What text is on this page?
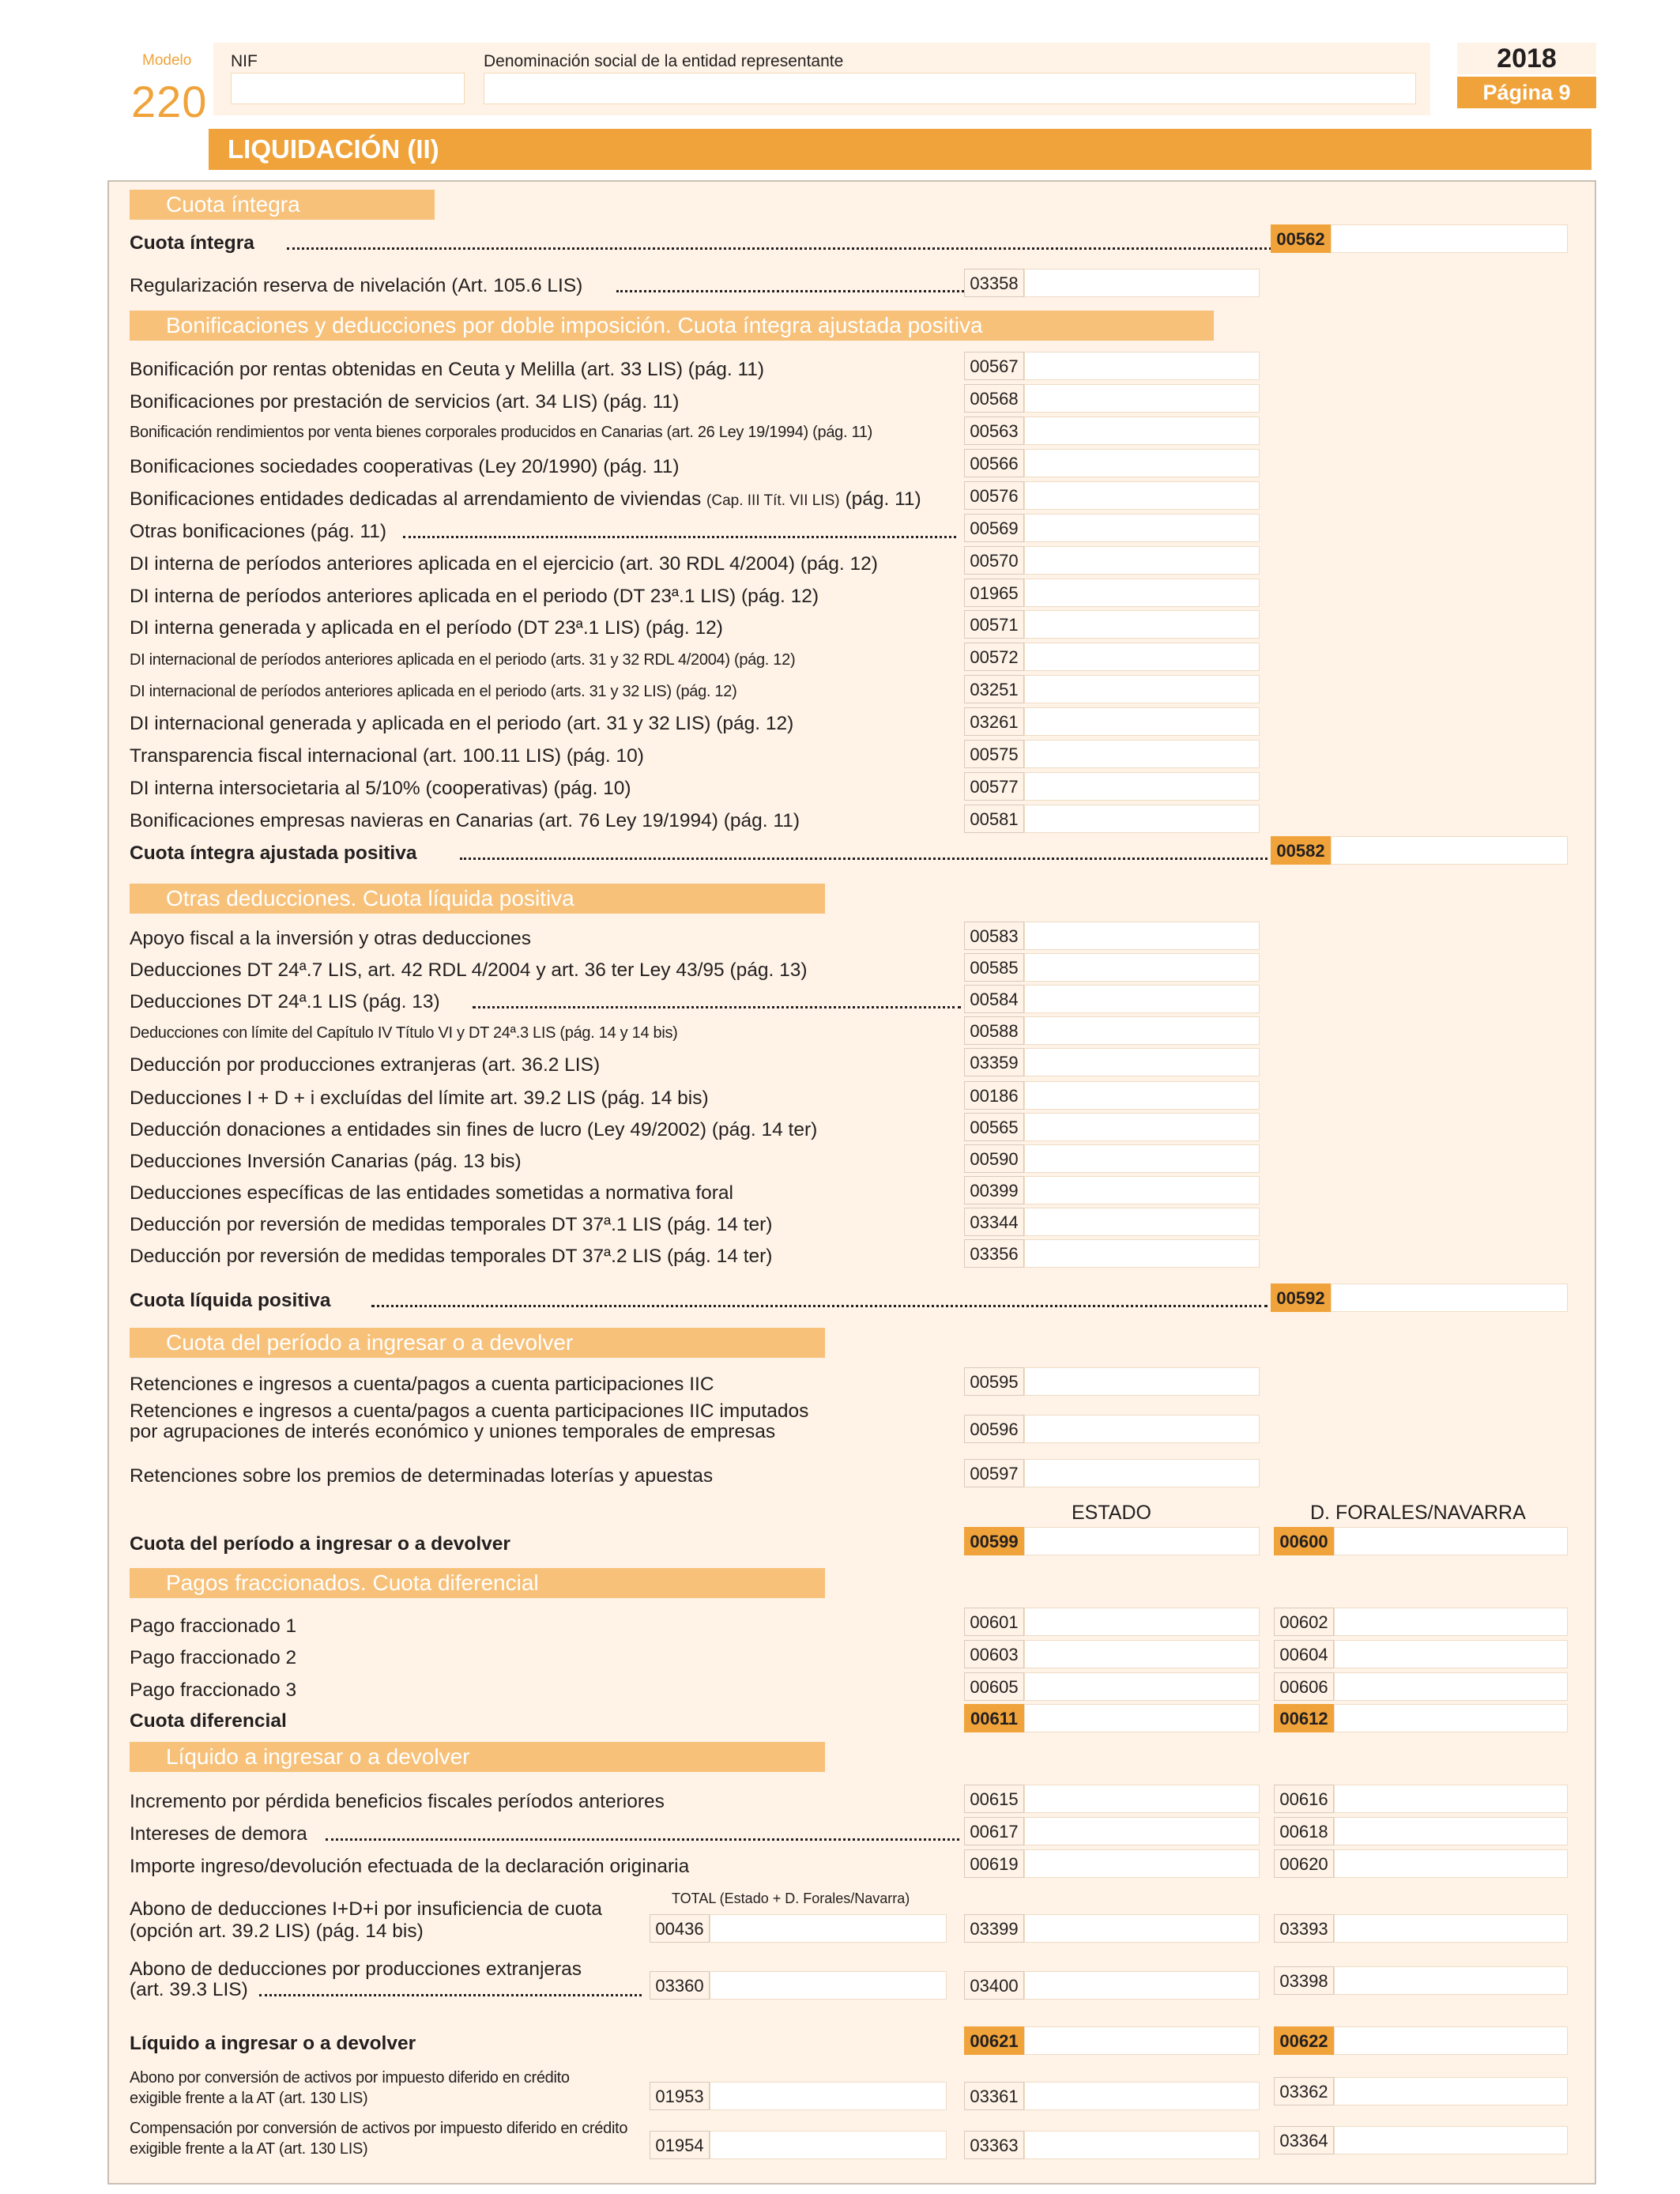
Modelo
220
NIF	Denominación social de la entidad representante	2018
Página 9
LIQUIDACIÓN (II)
Cuota íntegra
Cuota íntegra	00562
Regularización reserva de nivelación (Art. 105.6 LIS)	03358
Bonificaciones y deducciones por doble imposición. Cuota íntegra ajustada positiva
Bonificación por rentas obtenidas en Ceuta y Melilla (art. 33 LIS) (pág. 11)	00567
Bonificaciones por prestación de servicios (art. 34 LIS) (pág. 11)	00568
Bonificación rendimientos por venta bienes corporales producidos en Canarias (art. 26 Ley 19/1994) (pág. 11)	00563
Bonificaciones sociedades cooperativas (Ley 20/1990) (pág. 11)	00566
Bonificaciones entidades dedicadas al arrendamiento de viviendas (Cap. III Tít. VII LIS) (pág. 11)	00576
Otras bonificaciones (pág. 11)	00569
DI interna de períodos anteriores aplicada en el ejercicio (art. 30 RDL 4/2004) (pág. 12)	00570
DI interna de períodos anteriores aplicada en el periodo (DT 23ª.1 LIS) (pág. 12)	01965
DI interna generada y aplicada en el período (DT 23ª.1 LIS) (pág. 12)	00571
DI internacional de períodos anteriores aplicada en el periodo (arts. 31 y 32 RDL 4/2004) (pág. 12)	00572
DI internacional de períodos anteriores aplicada en el periodo (arts. 31 y 32 LIS) (pág. 12)	03251
DI internacional generada y aplicada en el periodo (art. 31 y 32 LIS) (pág. 12)	03261
Transparencia fiscal internacional (art. 100.11 LIS) (pág. 10)	00575
DI interna intersocietaria al 5/10% (cooperativas) (pág. 10)	00577
Bonificaciones empresas navieras en Canarias (art. 76 Ley 19/1994) (pág. 11)	00581
Cuota íntegra ajustada positiva	00582
Otras deducciones. Cuota líquida positiva
Apoyo fiscal a la inversión y otras deducciones	00583
Deducciones DT 24ª.7 LIS, art. 42 RDL 4/2004 y art. 36 ter Ley 43/95 (pág. 13)	00585
Deducciones DT 24ª.1 LIS (pág. 13)	00584
Deducciones con límite del Capítulo IV Título VI y DT 24ª.3 LIS (pág. 14 y 14 bis)	00588
Deducción por producciones extranjeras (art. 36.2 LIS)	03359
Deducciones I + D + i excluídas del límite art. 39.2 LIS (pág. 14 bis)	00186
Deducción donaciones a entidades sin fines de lucro (Ley 49/2002) (pág. 14 ter)	00565
Deducciones Inversión Canarias (pág. 13 bis)	00590
Deducciones específicas de las entidades sometidas a normativa foral	00399
Deducción por reversión de medidas temporales DT 37ª.1 LIS (pág. 14 ter)	03344
Deducción por reversión de medidas temporales DT 37ª.2 LIS (pág. 14 ter)	03356
Cuota líquida positiva	00592
Cuota del período a ingresar o a devolver
Retenciones e ingresos a cuenta/pagos a cuenta participaciones IIC	00595
Retenciones e ingresos a cuenta/pagos a cuenta participaciones IIC imputados
por agrupaciones de interés económico y uniones temporales de empresas	00596
Retenciones sobre los premios de determinadas loterías y apuestas	00597
ESTADO	D. FORALES/NAVARRA
Cuota del período a ingresar o a devolver	00599	00600
Pagos fraccionados. Cuota diferencial
Pago fraccionado 1	00601	00602
Pago fraccionado 2	00603	00604
Pago fraccionado 3	00605	00606
Cuota diferencial	00611	00612
Líquido a ingresar o a devolver
Incremento por pérdida beneficios fiscales períodos anteriores	00615	00616
Intereses de demora	00617	00618
Importe ingreso/devolución efectuada de la declaración originaria	00619	00620
TOTAL (Estado + D. Forales/Navarra)
Abono de deducciones I+D+i por insuficiencia de cuota
(opción art. 39.2 LIS) (pág. 14 bis)	00436	03399	03393
Abono de deducciones por producciones extranjeras
(art. 39.3 LIS)	03360	03400	03398
Líquido a ingresar o a devolver	00621	00622
Abono por conversión de activos por impuesto diferido en crédito
exigible frente a la AT (art. 130 LIS)	01953	03361	03362
Compensación por conversión de activos por impuesto diferido en crédito
exigible frente a la AT (art. 130 LIS)	01954	03363	03364
